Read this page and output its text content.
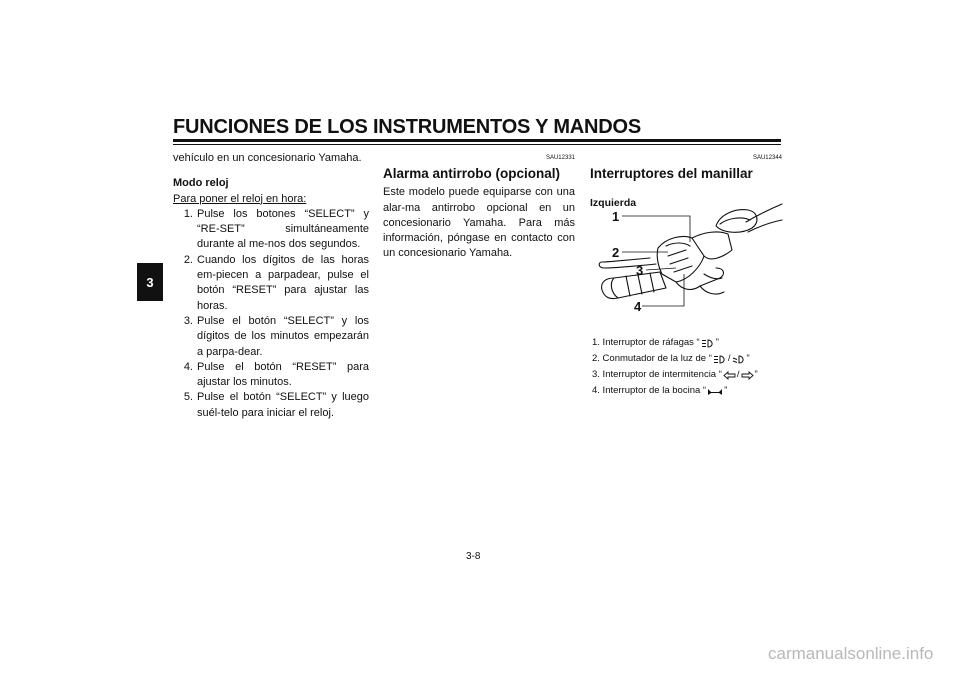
FUNCIONES DE LOS INSTRUMENTOS Y MANDOS
3

vehículo en un concesionario Yamaha.

Modo reloj

Para poner el reloj en hora:

1. Pulse los botones “SELECT” y “RE-SET” simultáneamente durante al me-nos dos segundos.
2. Cuando los dígitos de las horas em-piecen a parpadear, pulse el botón “RESET” para ajustar las horas.
3. Pulse el botón “SELECT” y los dígitos de los minutos empezarán a parpa-dear.
4. Pulse el botón “RESET” para ajustar los minutos.
5. Pulse el botón “SELECT” y luego suél-telo para iniciar el reloj.

SAU12331

Alarma antirrobo (opcional)

Este modelo puede equiparse con una alar-ma antirrobo opcional en un concesionario Yamaha. Para más información, póngase en contacto con un concesionario Yamaha.

SAU12344

Interruptores del manillar

Izquierda

1
2
3
4
1. Interruptor de ráfagas “ ”
2. Conmutador de la luz de “ / ”
3. Interruptor de intermitencia “ / ”
4. Interruptor de la bocina “ ”
3-8
carmanualsonline.info
